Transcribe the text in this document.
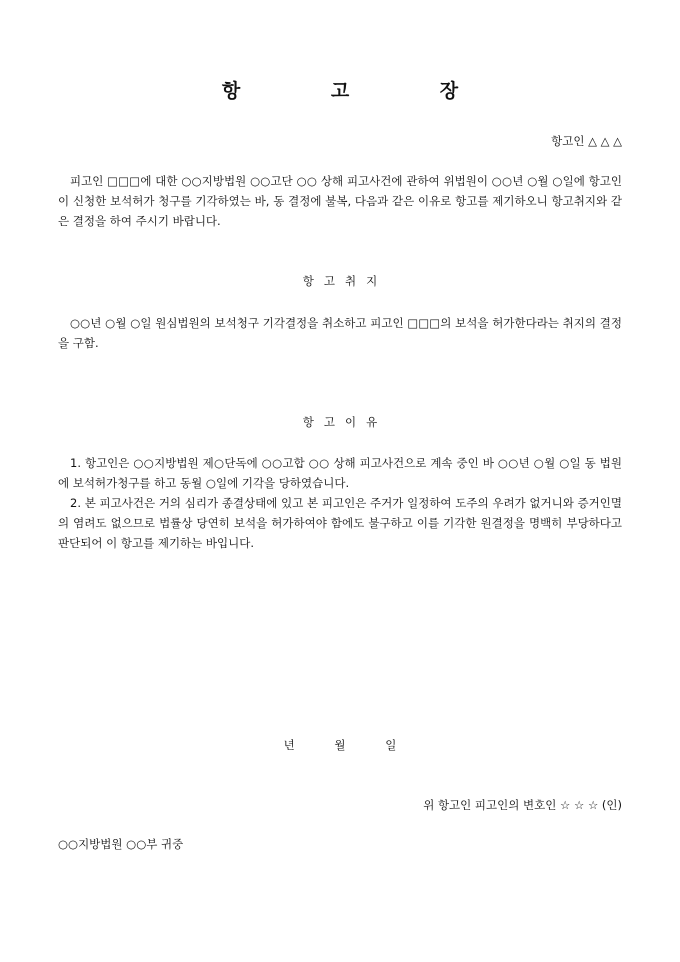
항 고 장
항고인 △ △ △

피고인 □□□에 대한 ○○지방법원 ○○고단 ○○ 상해 피고사건에 관하여 위법원이 ○○년 ○월 ○일에 항고인이 신청한 보석허가 청구를 기각하였는 바, 동 결정에 불복, 다음과 같은 이유로 항고를 제기하오니 항고취지와 같은 결정을 하여 주시기 바랍니다.

항고취지

○○년 ○월 ○일 원심법원의 보석청구 기각결정을 취소하고 피고인 □□□의 보석을 허가한다라는 취지의 결정을 구함.

항고이유

1. 항고인은 ○○지방법원 제○단독에 ○○고합 ○○ 상해 피고사건으로 계속 중인 바 ○○년 ○월 ○일 동 법원에 보석허가청구를 하고 동월 ○일에 기각을 당하였습니다.

2. 본 피고사건은 거의 심리가 종결상태에 있고 본 피고인은 주거가 일정하여 도주의 우려가 없거니와 증거인멸의 염려도 없으므로 법률상 당연히 보석을 허가하여야 함에도 불구하고 이를 기각한 원결정을 명백히 부당하다고 판단되어 이 항고를 제기하는 바입니다.

년 월 일
위 항고인 피고인의 변호인 ☆ ☆ ☆ (인)
○○지방법원 ○○부 귀중
